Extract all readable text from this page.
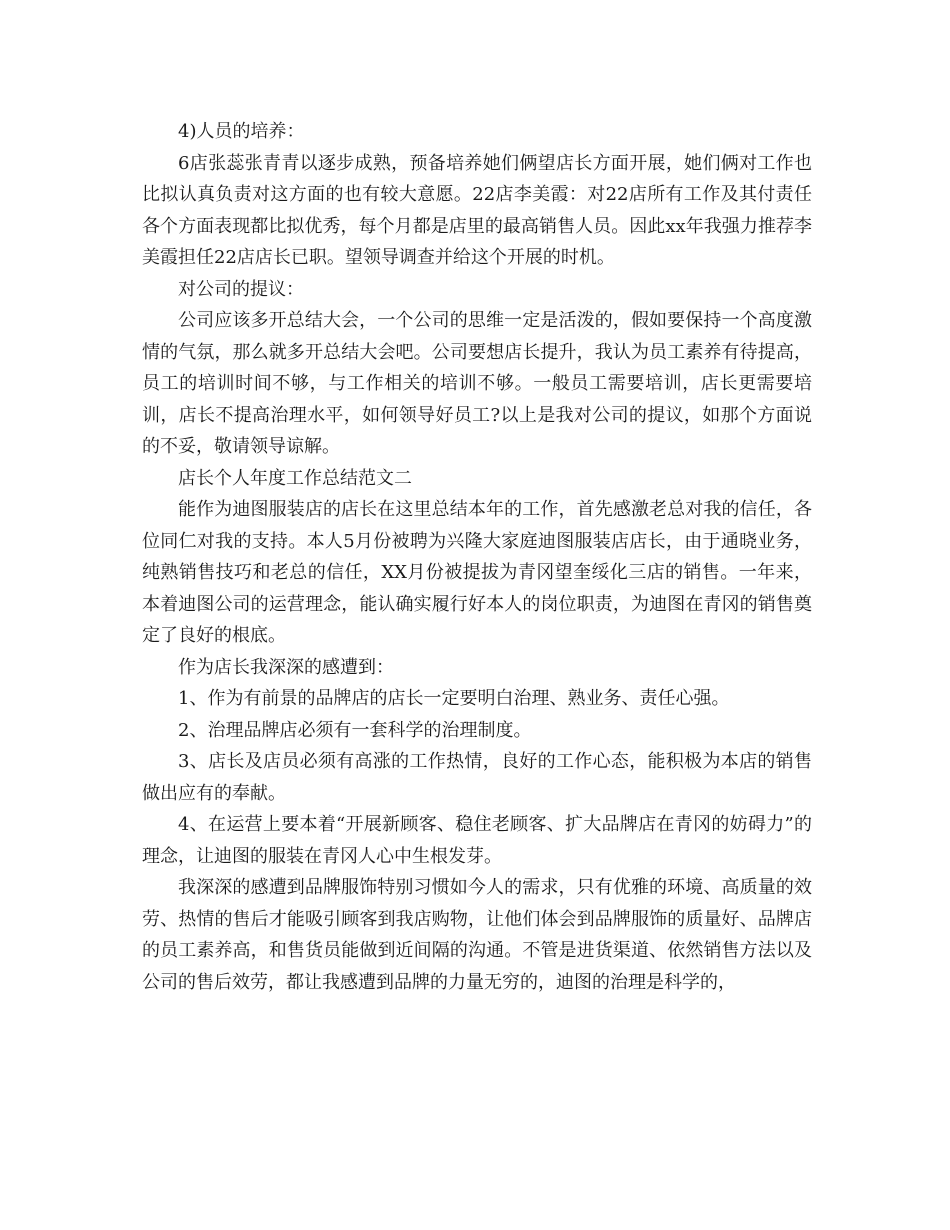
4)人员的培养：

6店张蕊张青青以逐步成熟，预备培养她们俩望店长方面开展，她们俩对工作也比拟认真负责对这方面的也有较大意愿。22店李美霞：对22店所有工作及其付责任各个方面表现都比拟优秀，每个月都是店里的最高销售人员。因此xx年我强力推荐李美霞担任22店店长已职。望领导调查并给这个开展的时机。

对公司的提议：

公司应该多开总结大会，一个公司的思维一定是活泼的，假如要保持一个高度激情的气氛，那么就多开总结大会吧。公司要想店长提升，我认为员工素养有待提高，员工的培训时间不够，与工作相关的培训不够。一般员工需要培训，店长更需要培训，店长不提高治理水平，如何领导好员工?以上是我对公司的提议，如那个方面说的不妥，敬请领导谅解。

店长个人年度工作总结范文二

能作为迪图服装店的店长在这里总结本年的工作，首先感激老总对我的信任，各位同仁对我的支持。本人5月份被聘为兴隆大家庭迪图服装店店长，由于通晓业务，纯熟销售技巧和老总的信任，XX月份被提拔为青冈望奎绥化三店的销售。一年来，本着迪图公司的运营理念，能认确实履行好本人的岗位职责，为迪图在青冈的销售奠定了良好的根底。

作为店长我深深的感遭到：

1、作为有前景的品牌店的店长一定要明白治理、熟业务、责任心强。

2、治理品牌店必须有一套科学的治理制度。

3、店长及店员必须有高涨的工作热情，良好的工作心态，能积极为本店的销售做出应有的奉献。

4、在运营上要本着“开展新顾客、稳住老顾客、扩大品牌店在青冈的妨碍力”的理念，让迪图的服装在青冈人心中生根发芽。

我深深的感遭到品牌服饰特别习惯如今人的需求，只有优雅的环境、高质量的效劳、热情的售后才能吸引顾客到我店购物，让他们体会到品牌服饰的质量好、品牌店的员工素养高，和售货员能做到近间隔的沟通。不管是进货渠道、依然销售方法以及公司的售后效劳，都让我感遭到品牌的力量无穷的，迪图的治理是科学的，
